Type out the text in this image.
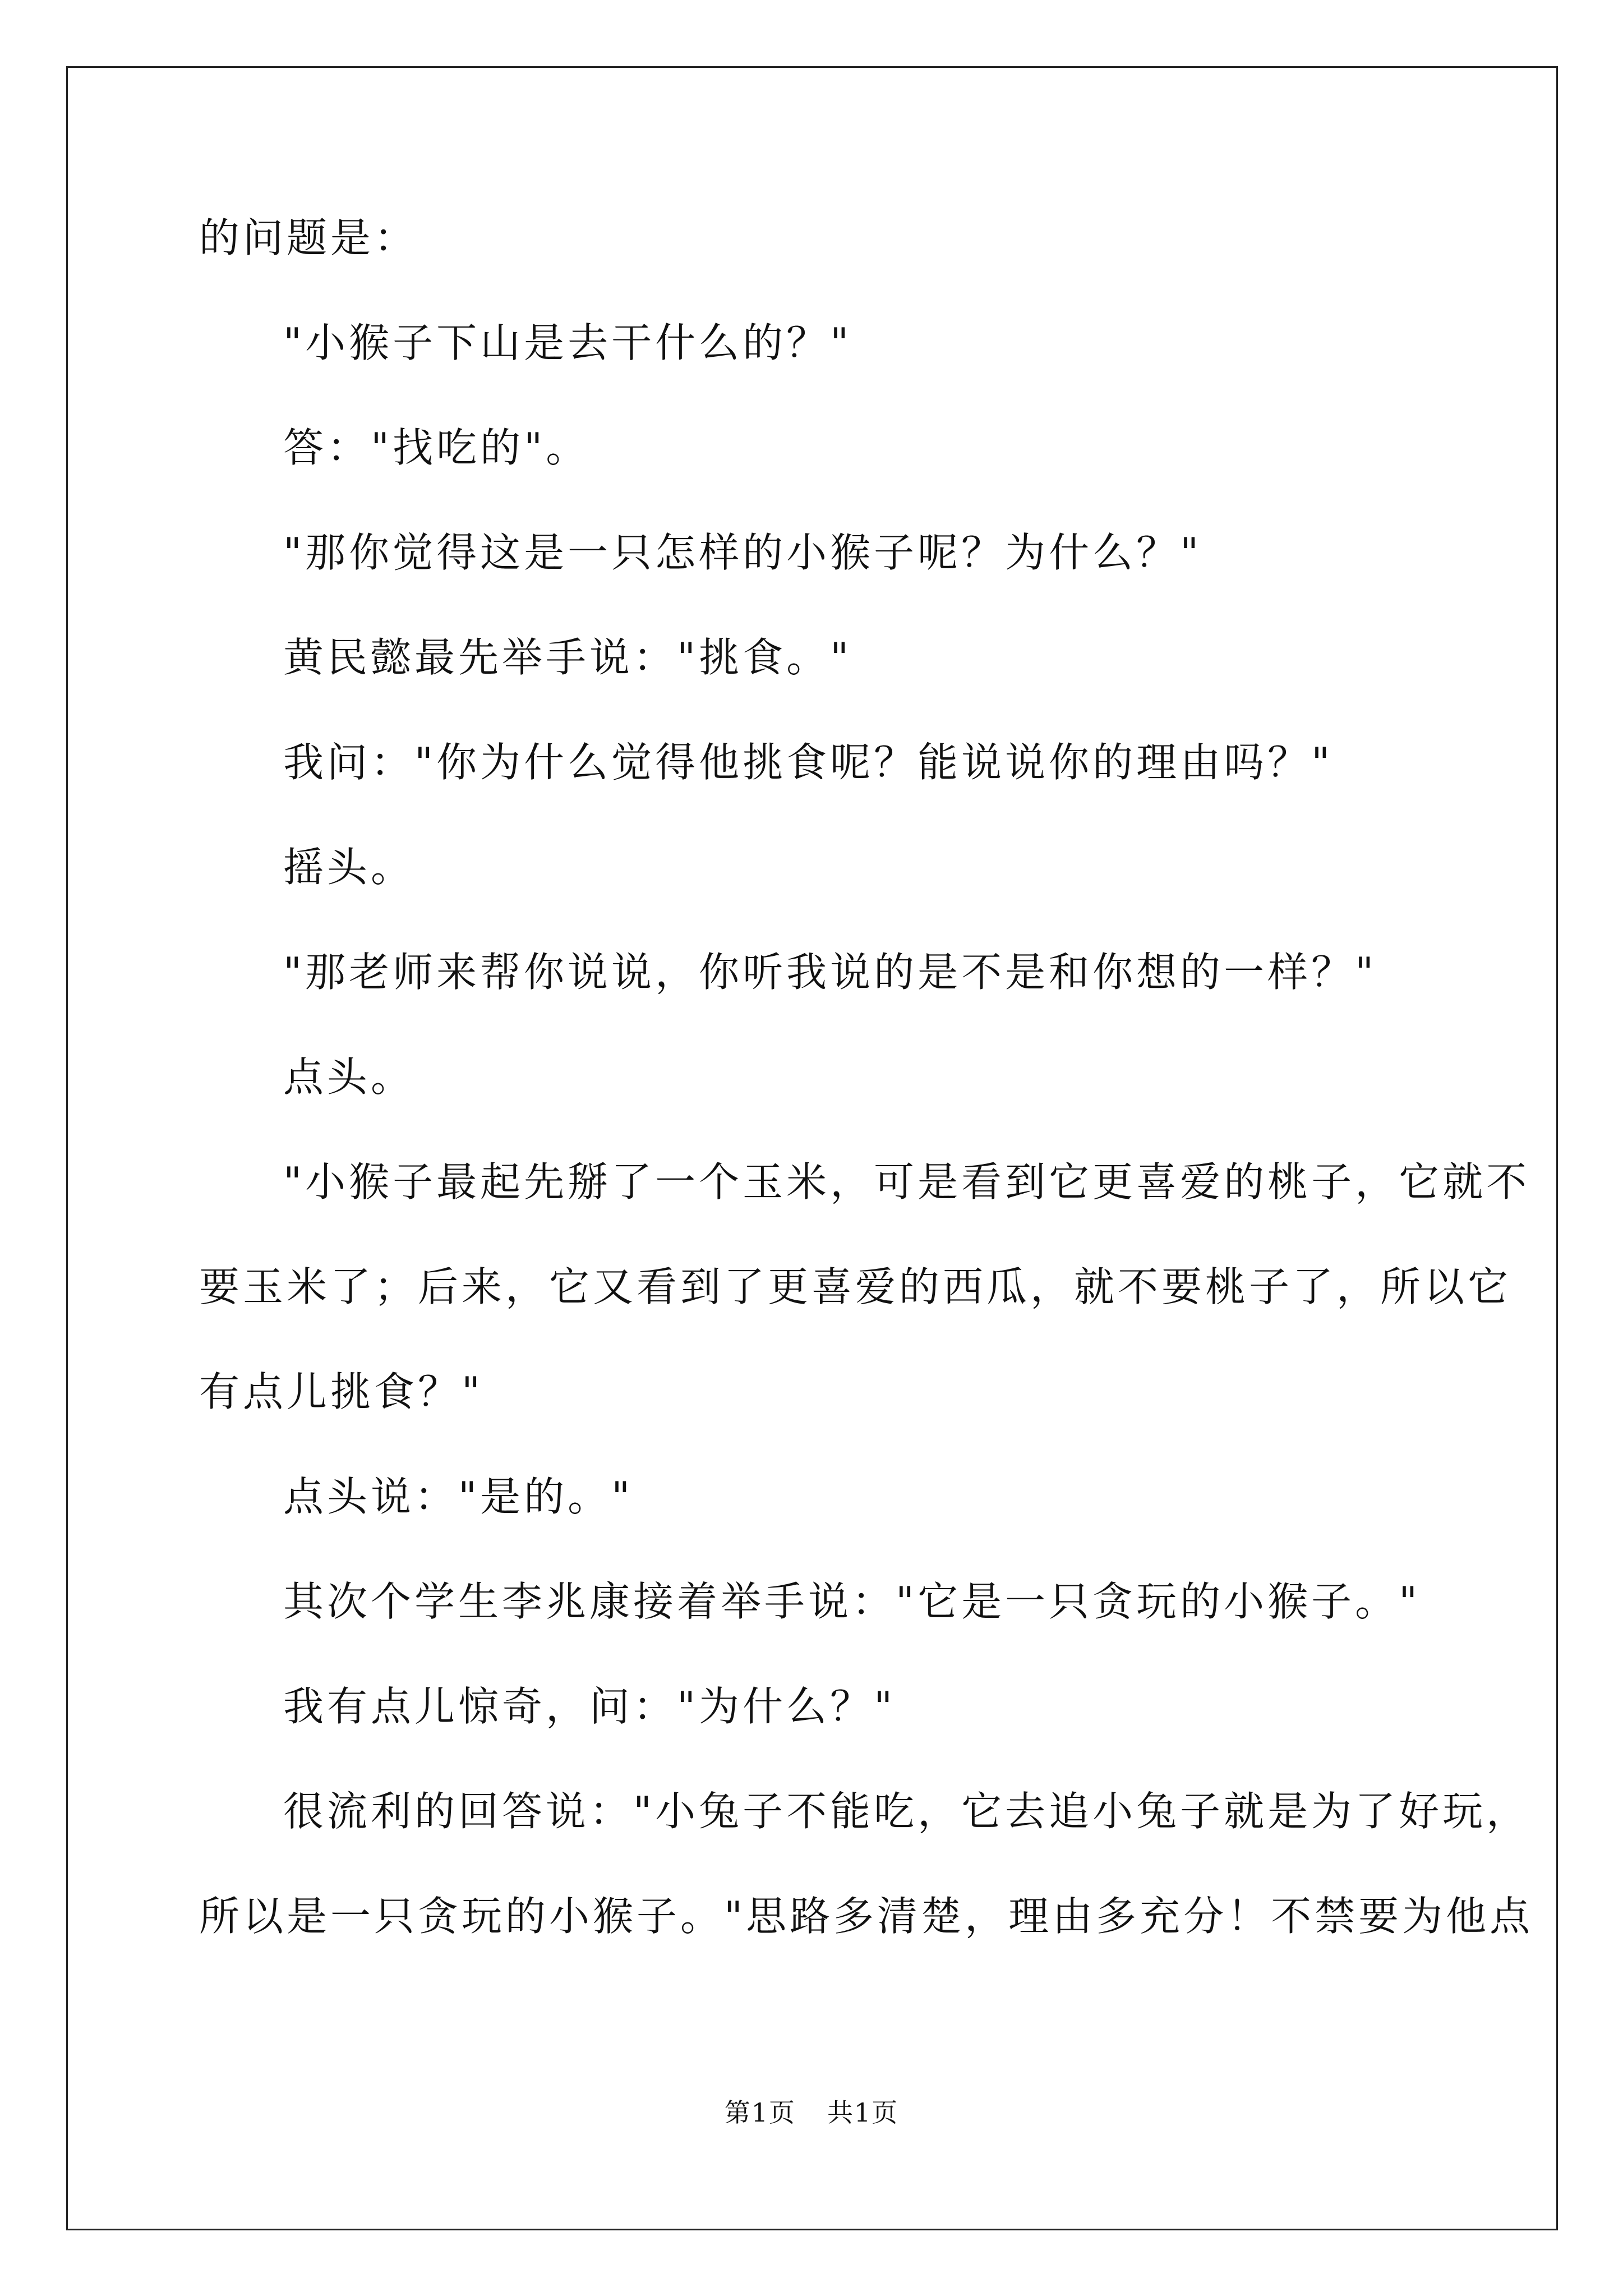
的问题是：
"小猴子下山是去干什么的？"
答："找吃的"。
"那你觉得这是一只怎样的小猴子呢？为什么？"
黄民懿最先举手说："挑食。"
我问："你为什么觉得他挑食呢？能说说你的理由吗？"
摇头。
"那老师来帮你说说，你听我说的是不是和你想的一样？"
点头。
"小猴子最起先掰了一个玉米，可是看到它更喜爱的桃子，它就不
要玉米了；后来，它又看到了更喜爱的西瓜，就不要桃子了，所以它
有点儿挑食？"
点头说："是的。"
其次个学生李兆康接着举手说："它是一只贪玩的小猴子。"
我有点儿惊奇，问："为什么？"
很流利的回答说："小兔子不能吃，它去追小兔子就是为了好玩，
所以是一只贪玩的小猴子。"思路多清楚，理由多充分！不禁要为他点
第1页 共1页
